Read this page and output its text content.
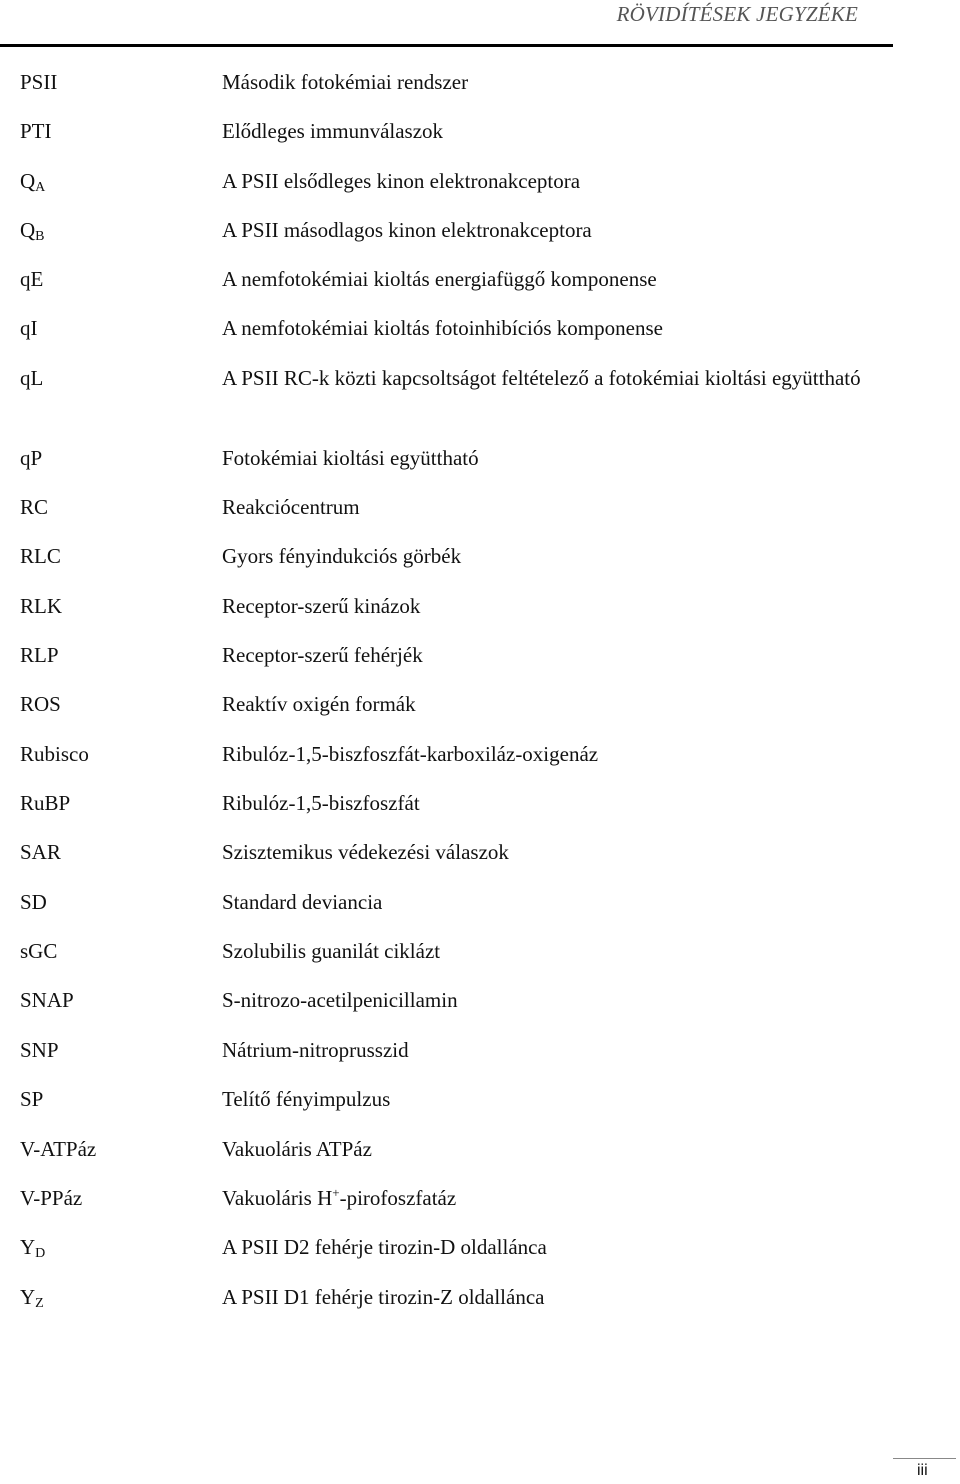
RÖVIDÍTÉSEK JEGYZÉKE
PSII	Második fotokémiai rendszer
PTI	Elődleges immunválaszok
$Q_A$	A PSII elsődleges kinon elektronakceptora
$Q_B$	A PSII másodlagos kinon elektronakceptora
qE	A nemfotokémiai kioltás energiafüggő komponense
qI	A nemfotokémiai kioltás fotoinhibíciós komponense
qL	A PSII RC-k közti kapcsoltságot feltételező a fotokémiai kioltási együttható
qP	Fotokémiai kioltási együttható
RC	Reakciócentrum
RLC	Gyors fényindukciós görbék
RLK	Receptor-szerű kinázok
RLP	Receptor-szerű fehérjék
ROS	Reaktív oxigén formák
Rubisco	Ribulóz-1,5-biszfoszfát-karboxiláz-oxigenáz
RuBP	Ribulóz-1,5-biszfoszfát
SAR	Szisztemikus védekezési válaszok
SD	Standard deviancia
sGC	Szolubilis guanilát ciklázt
SNAP	S-nitrozo-acetilpenicillamin
SNP	Nátrium-nitroprusszid
SP	Telítő fényimpulzus
V-ATPáz	Vakuoláris ATPáz
V-PPáz	Vakuoláris H+-pirofoszfatáz
$Y_D$	A PSII D2 fehérje tirozin-D oldallánca
$Y_Z$	A PSII D1 fehérje tirozin-Z oldallánca
iii
